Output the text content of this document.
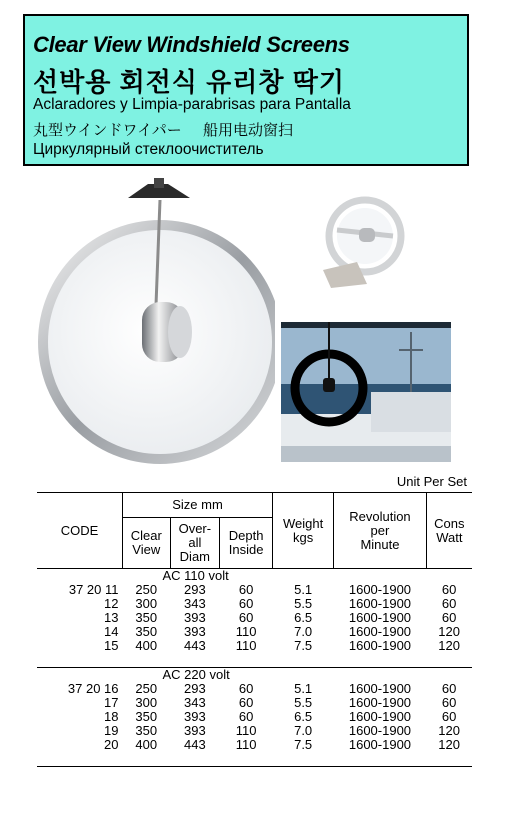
Clear View Windshield Screens
선박용 회전식 유리창 딱기
Aclaradores y Limpia-parabrisas para Pantalla
丸型ウインドワイパー 船用电动窗扫
Циркулярный стеклоочиститель
Unit Per Set
CODE	Size mm			Weight
kgs	Revolution
per
Minute	Cons
Watt
	Clear
View	Over-
all
Diam	Depth
Inside			
	AC 110 volt					
37 20 11	250	293	60	5.1	1600-1900	60
12	300	343	60	5.5	1600-1900	60
13	350	393	60	6.5	1600-1900	60
14	350	393	110	7.0	1600-1900	120
15	400	443	110	7.5	1600-1900	120

	AC 220 volt					
37 20 16	250	293	60	5.1	1600-1900	60
17	300	343	60	5.5	1600-1900	60
18	350	393	60	6.5	1600-1900	60
19	350	393	110	7.0	1600-1900	120
20	400	443	110	7.5	1600-1900	120
